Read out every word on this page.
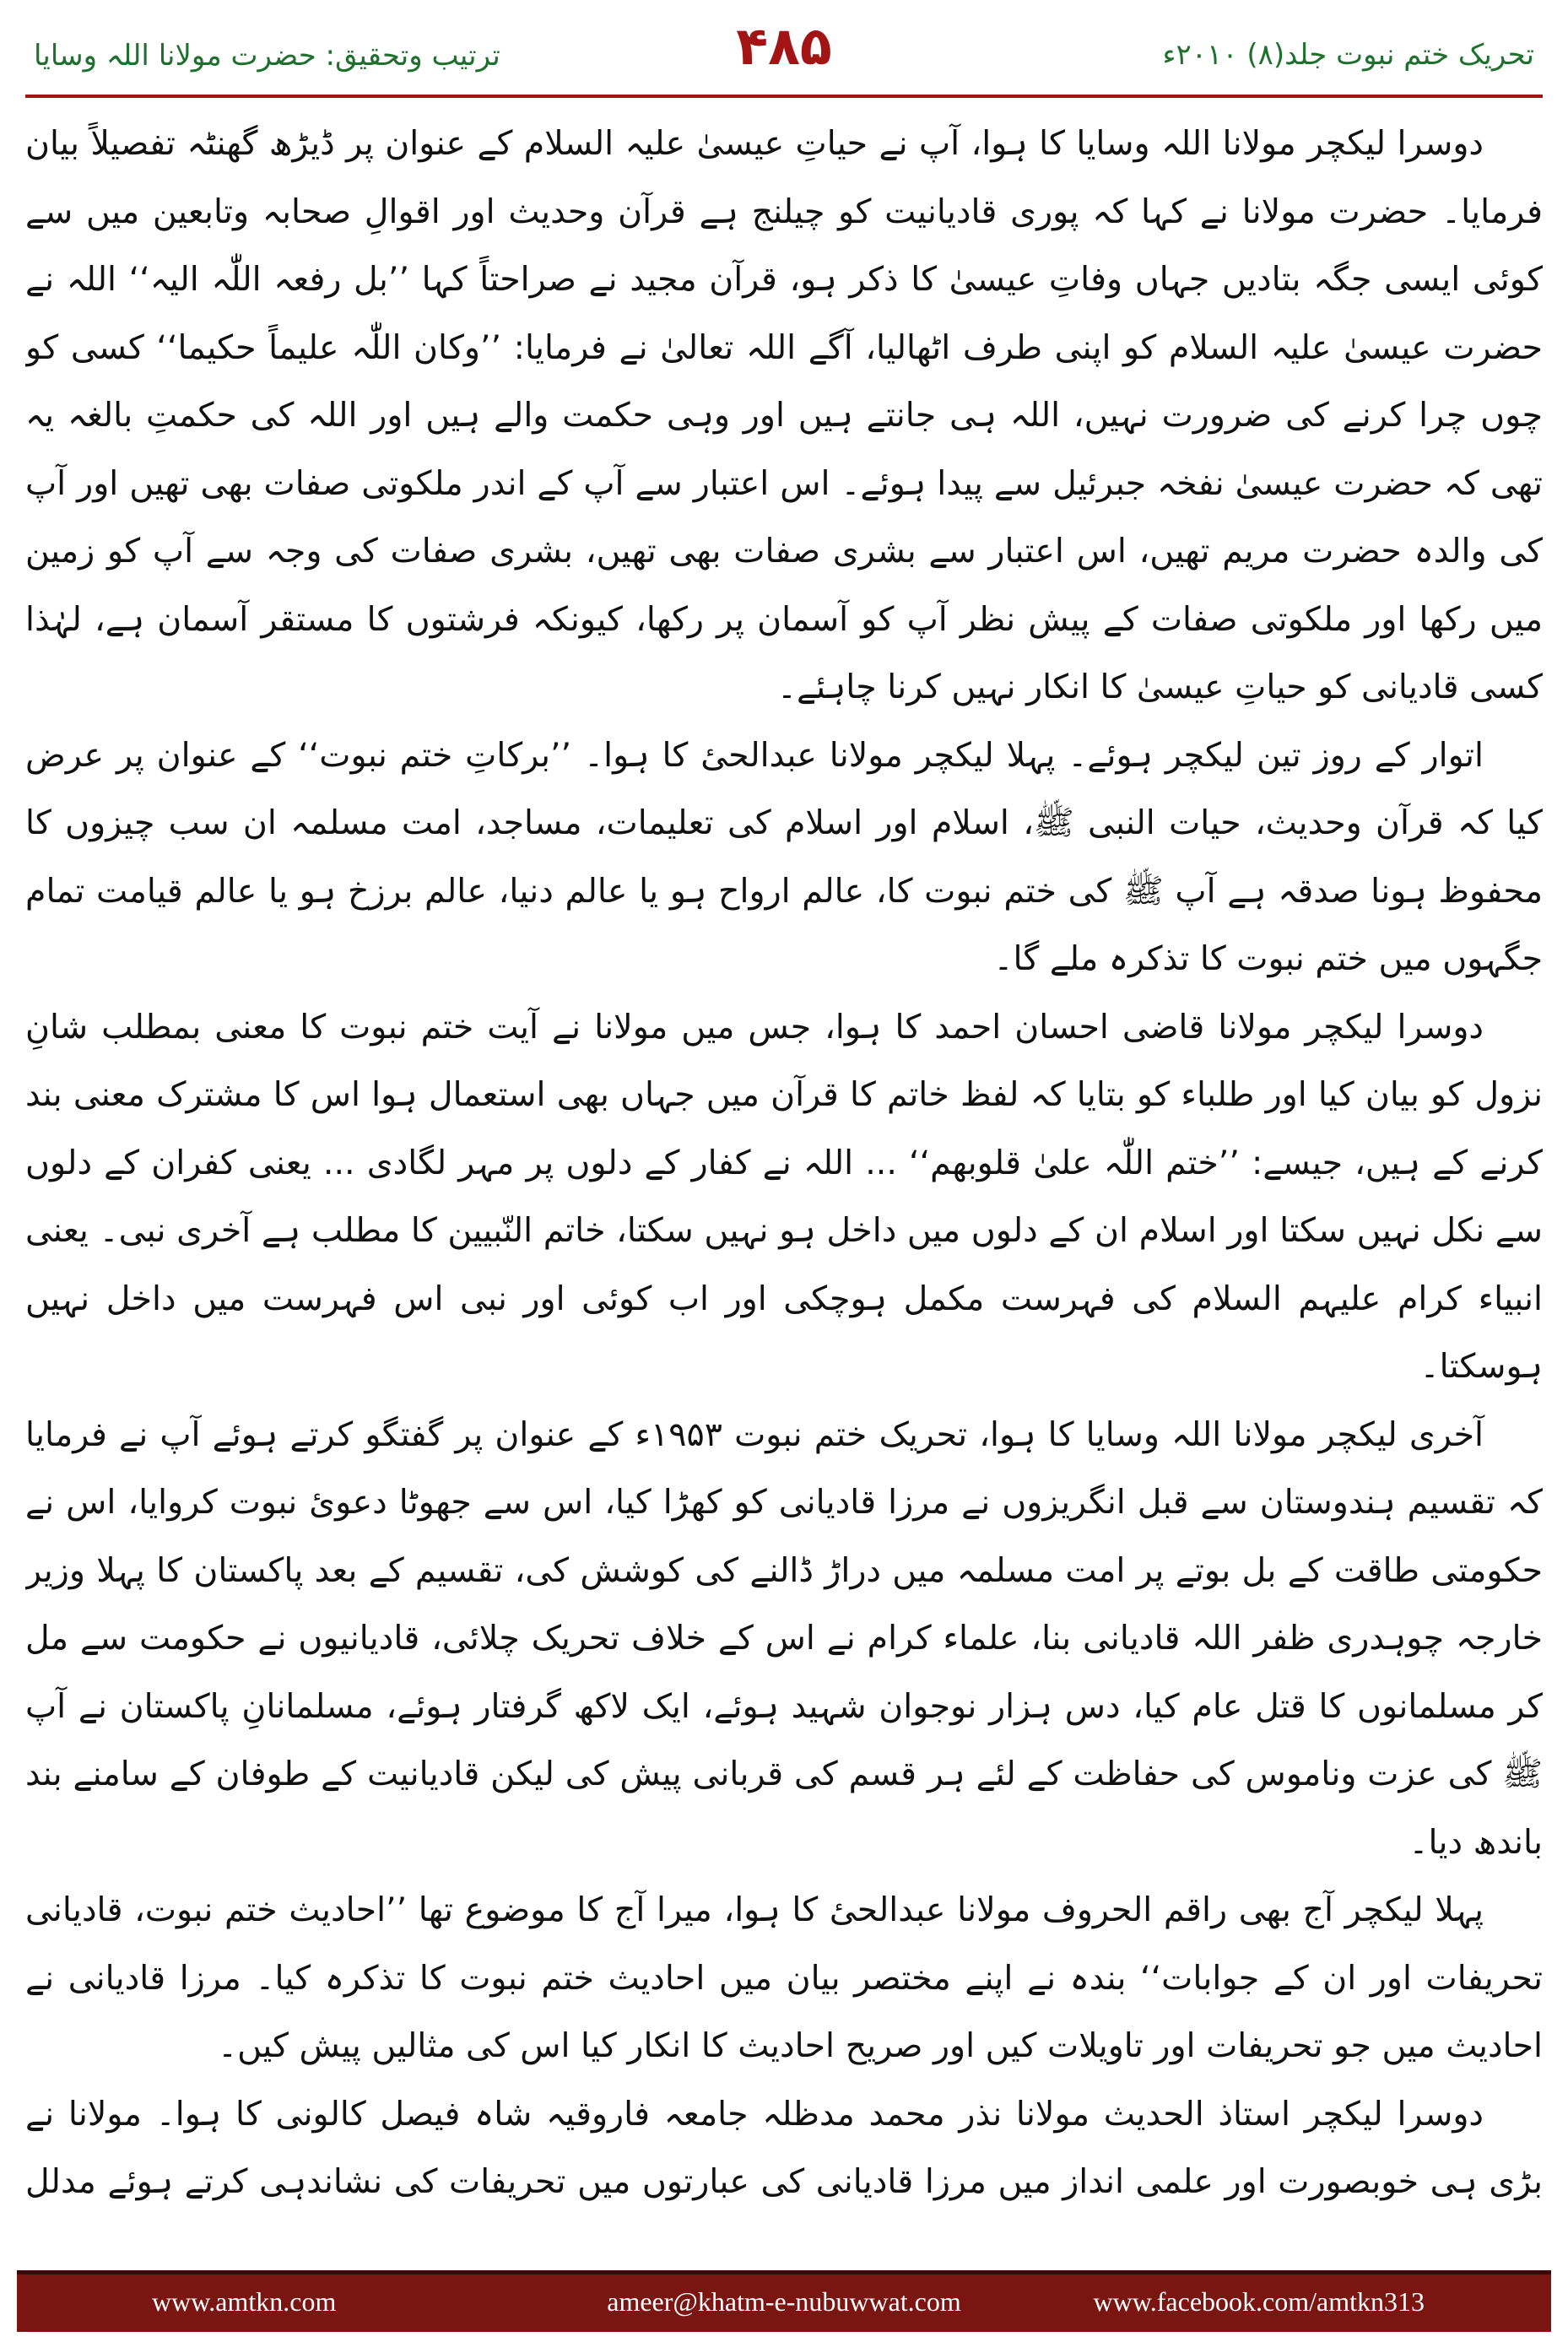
ترتیب وتحقیق: حضرت مولانا اللہ وسایا	۴۸۵	تحریک ختم نبوت جلد(۸) ۲۰۱۰ء

دوسرا لیکچر مولانا اللہ وسایا کا ہوا، آپ نے حیاتِ عیسیٰ علیہ السلام کے عنوان پر ڈیڑھ گھنٹہ تفصیلاً بیان فرمایا۔ حضرت مولانا نے کہا کہ پوری قادیانیت کو چیلنج ہے قرآن وحدیث اور اقوالِ صحابہ وتابعین میں سے کوئی ایسی جگہ بتادیں جہاں وفاتِ عیسیٰ کا ذکر ہو، قرآن مجید نے صراحتاً کہا ’’بل رفعہ اللّٰہ الیہ‘‘ اللہ نے حضرت عیسیٰ علیہ السلام کو اپنی طرف اٹھالیا، آگے اللہ تعالیٰ نے فرمایا: ’’وکان اللّٰہ علیماً حکیما‘‘ کسی کو چوں چرا کرنے کی ضرورت نہیں، اللہ ہی جانتے ہیں اور وہی حکمت والے ہیں اور اللہ کی حکمتِ بالغہ یہ تھی کہ حضرت عیسیٰ نفخہ جبرئیل سے پیدا ہوئے۔ اس اعتبار سے آپ کے اندر ملکوتی صفات بھی تھیں اور آپ کی والدہ حضرت مریم تھیں، اس اعتبار سے بشری صفات بھی تھیں، بشری صفات کی وجہ سے آپ کو زمین میں رکھا اور ملکوتی صفات کے پیش نظر آپ کو آسمان پر رکھا، کیونکہ فرشتوں کا مستقر آسمان ہے، لہٰذا کسی قادیانی کو حیاتِ عیسیٰ کا انکار نہیں کرنا چاہئے۔

اتوار کے روز تین لیکچر ہوئے۔ پہلا لیکچر مولانا عبدالحیٔ کا ہوا۔ ’’برکاتِ ختم نبوت‘‘ کے عنوان پر عرض کیا کہ قرآن وحدیث، حیات النبی ﷺ، اسلام اور اسلام کی تعلیمات، مساجد، امت مسلمہ ان سب چیزوں کا محفوظ ہونا صدقہ ہے آپ ﷺ کی ختم نبوت کا، عالم ارواح ہو یا عالم دنیا، عالم برزخ ہو یا عالم قیامت تمام جگہوں میں ختم نبوت کا تذکرہ ملے گا۔

دوسرا لیکچر مولانا قاضی احسان احمد کا ہوا، جس میں مولانا نے آیت ختم نبوت کا معنی بمطلب شانِ نزول کو بیان کیا اور طلباء کو بتایا کہ لفظ خاتم کا قرآن میں جہاں بھی استعمال ہوا اس کا مشترک معنی بند کرنے کے ہیں، جیسے: ’’ختم اللّٰہ علیٰ قلوبھم‘‘ ... اللہ نے کفار کے دلوں پر مہر لگادی ... یعنی کفران کے دلوں سے نکل نہیں سکتا اور اسلام ان کے دلوں میں داخل ہو نہیں سکتا، خاتم النّبیین کا مطلب ہے آخری نبی۔ یعنی انبیاء کرام علیہم السلام کی فہرست مکمل ہوچکی اور اب کوئی اور نبی اس فہرست میں داخل نہیں ہوسکتا۔

آخری لیکچر مولانا اللہ وسایا کا ہوا، تحریک ختم نبوت ۱۹۵۳ء کے عنوان پر گفتگو کرتے ہوئے آپ نے فرمایا کہ تقسیم ہندوستان سے قبل انگریزوں نے مرزا قادیانی کو کھڑا کیا، اس سے جھوٹا دعویٔ نبوت کروایا، اس نے حکومتی طاقت کے بل بوتے پر امت مسلمہ میں دراڑ ڈالنے کی کوشش کی، تقسیم کے بعد پاکستان کا پہلا وزیر خارجہ چوہدری ظفر اللہ قادیانی بنا، علماء کرام نے اس کے خلاف تحریک چلائی، قادیانیوں نے حکومت سے مل کر مسلمانوں کا قتل عام کیا، دس ہزار نوجوان شہید ہوئے، ایک لاکھ گرفتار ہوئے، مسلمانانِ پاکستان نے آپ ﷺ کی عزت وناموس کی حفاظت کے لئے ہر قسم کی قربانی پیش کی لیکن قادیانیت کے طوفان کے سامنے بند باندھ دیا۔

پہلا لیکچر آج بھی راقم الحروف مولانا عبدالحیٔ کا ہوا، میرا آج کا موضوع تھا ’’احادیث ختم نبوت، قادیانی تحریفات اور ان کے جوابات‘‘ بندہ نے اپنے مختصر بیان میں احادیث ختم نبوت کا تذکرہ کیا۔ مرزا قادیانی نے احادیث میں جو تحریفات اور تاویلات کیں اور صریح احادیث کا انکار کیا اس کی مثالیں پیش کیں۔

دوسرا لیکچر استاذ الحدیث مولانا نذر محمد مدظلہ جامعہ فاروقیہ شاہ فیصل کالونی کا ہوا۔ مولانا نے بڑی ہی خوبصورت اور علمی انداز میں مرزا قادیانی کی عبارتوں میں تحریفات کی نشاندہی کرتے ہوئے مدلل

www.amtkn.com	ameer@khatm-e-nubuwwat.com	www.facebook.com/amtkn313
